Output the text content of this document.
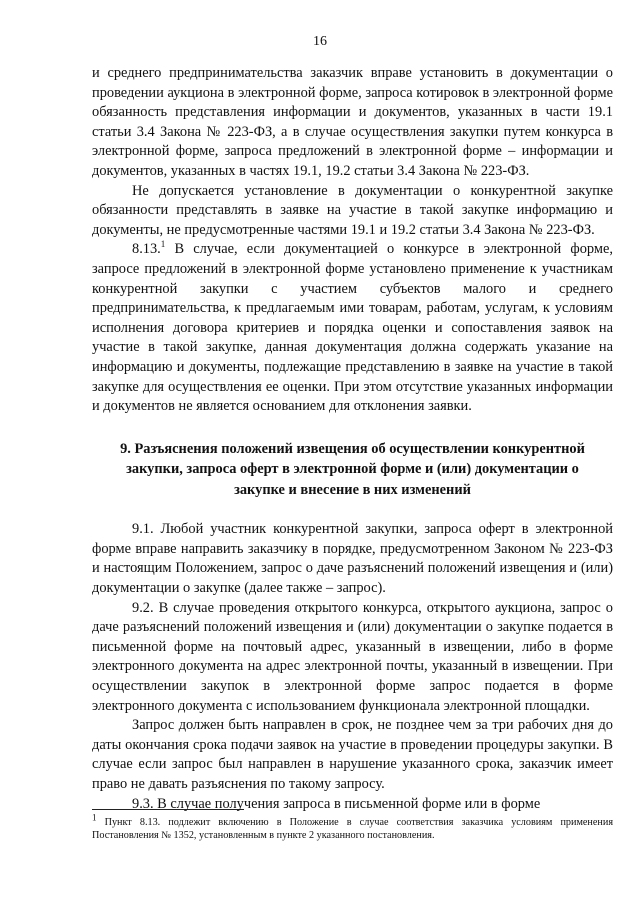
16

и среднего предпринимательства заказчик вправе установить в документации о проведении аукциона в электронной форме, запроса котировок в электронной форме обязанность представления информации и документов, указанных в части 19.1 статьи 3.4 Закона № 223-ФЗ, а в случае осуществления закупки путем конкурса в электронной форме, запроса предложений в электронной форме – информации и документов, указанных в частях 19.1, 19.2 статьи 3.4 Закона № 223-ФЗ.

Не допускается установление в документации о конкурентной закупке обязанности представлять в заявке на участие в такой закупке информацию и документы, не предусмотренные частями 19.1 и 19.2 статьи 3.4 Закона № 223-ФЗ.

8.13.$^1$ В случае, если документацией о конкурсе в электронной форме, запросе предложений в электронной форме установлено применение к участникам конкурентной закупки с участием субъектов малого и среднего предпринимательства, к предлагаемым ими товарам, работам, услугам, к условиям исполнения договора критериев и порядка оценки и сопоставления заявок на участие в такой закупке, данная документация должна содержать указание на информацию и документы, подлежащие представлению в заявке на участие в такой закупке для осуществления ее оценки. При этом отсутствие указанных информации и документов не является основанием для отклонения заявки.

9. Разъяснения положений извещения об осуществлении конкурентной закупки, запроса оферт в электронной форме и (или) документации о закупке и внесение в них изменений

9.1. Любой участник конкурентной закупки, запроса оферт в электронной форме вправе направить заказчику в порядке, предусмотренном Законом № 223-ФЗ и настоящим Положением, запрос о даче разъяснений положений извещения и (или) документации о закупке (далее также – запрос).

9.2. В случае проведения открытого конкурса, открытого аукциона, запрос о даче разъяснений положений извещения и (или) документации о закупке подается в письменной форме на почтовый адрес, указанный в извещении, либо в форме электронного документа на адрес электронной почты, указанный в извещении. При осуществлении закупок в электронной форме запрос подается в форме электронного документа с использованием функционала электронной площадки.

Запрос должен быть направлен в срок, не позднее чем за три рабочих дня до даты окончания срока подачи заявок на участие в проведении процедуры закупки. В случае если запрос был направлен в нарушение указанного срока, заказчик имеет право не давать разъяснения по такому запросу.

9.3. В случае получения запроса в письменной форме или в форме

$^1$ Пункт 8.13. подлежит включению в Положение в случае соответствия заказчика условиям применения Постановления № 1352, установленным в пункте 2 указанного постановления.
